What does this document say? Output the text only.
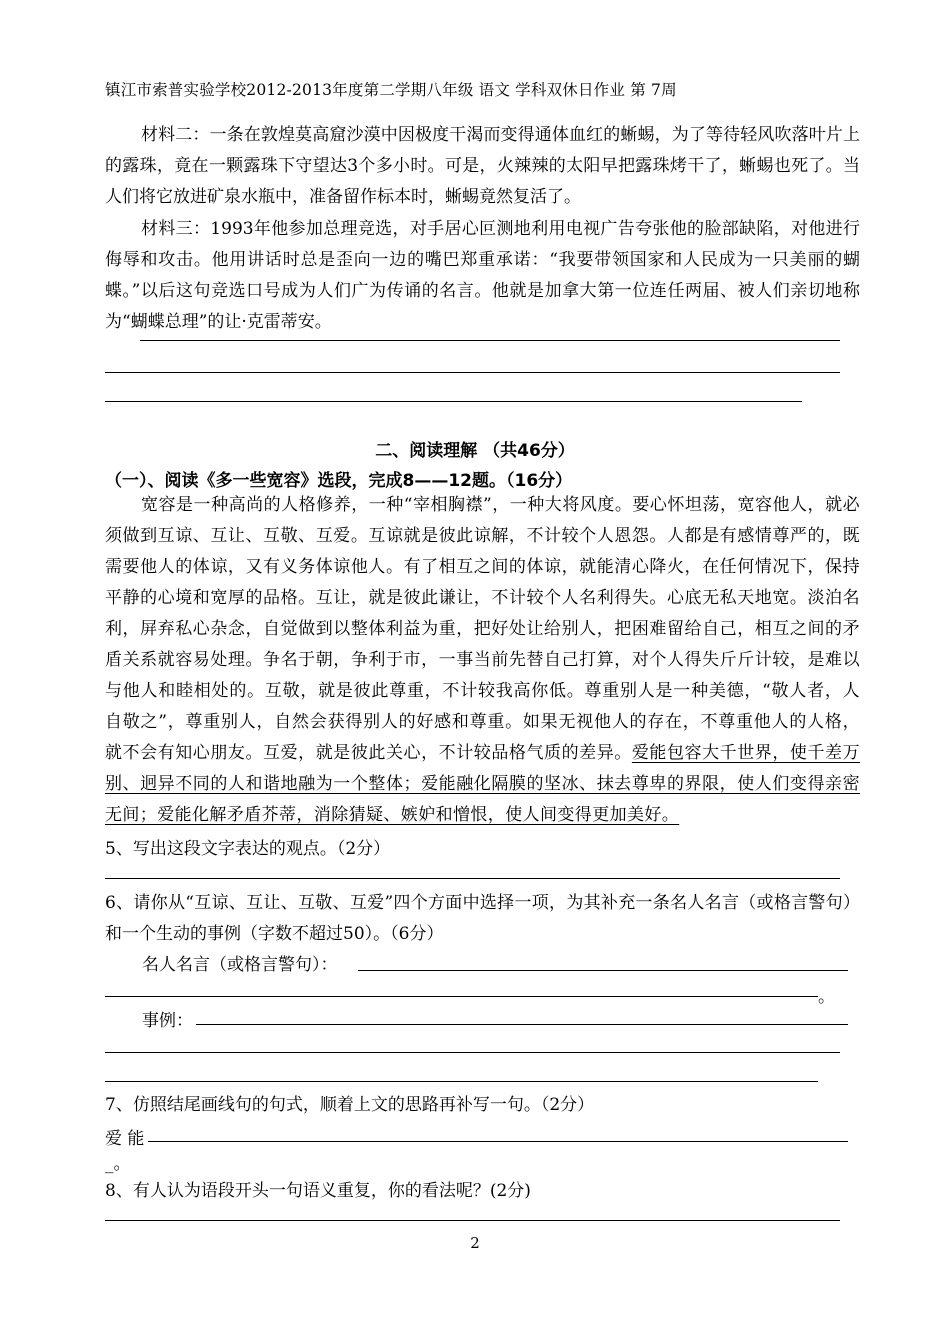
镇江市索普实验学校2012-2013年度第二学期八年级 语文 学科双休日作业 第 7周
材料二：一条在敦煌莫高窟沙漠中因极度干渴而变得通体血红的蜥蜴，为了等待轻风吹落叶片上的露珠，竟在一颗露珠下守望达3个多小时。可是，火辣辣的太阳早把露珠烤干了，蜥蜴也死了。当人们将它放进矿泉水瓶中，准备留作标本时，蜥蜴竟然复活了。
材料三：1993年他参加总理竞选，对手居心叵测地利用电视广告夸张他的脸部缺陷，对他进行侮辱和攻击。他用讲话时总是歪向一边的嘴巴郑重承诺：“我要带领国家和人民成为一只美丽的蝴蝶。”以后这句竞选口号成为人们广为传诵的名言。他就是加拿大第一位连任两届、被人们亲切地称为“蝴蝶总理”的让·克雷蒂安。
二、阅读理解 （共46分）
（一）、阅读《多一些宽容》选段，完成8——12题。（16分）
宽容是一种高尚的人格修养，一种“宰相胸襟”，一种大将风度。要心怀坦荡，宽容他人，就必须做到互谅、互让、互敬、互爱。互谅就是彼此谅解，不计较个人恩怨。人都是有感情尊严的，既需要他人的体谅，又有义务体谅他人。有了相互之间的体谅，就能清心降火，在任何情况下，保持平静的心境和宽厚的品格。互让，就是彼此谦让，不计较个人名利得失。心底无私天地宽。淡泊名利，屏弃私心杂念，自觉做到以整体利益为重，把好处让给别人，把困难留给自己，相互之间的矛盾关系就容易处理。争名于朝，争利于市，一事当前先替自己打算，对个人得失斤斤计较，是难以与他人和睦相处的。互敬，就是彼此尊重，不计较我高你低。尊重别人是一种美德，“敬人者，人自敬之”，尊重别人，自然会获得别人的好感和尊重。如果无视他人的存在，不尊重他人的人格，就不会有知心朋友。互爱，就是彼此关心，不计较品格气质的差异。爱能包容大千世界，使千差万别、迥异不同的人和谐地融为一个整体；爱能融化隔膜的坚冰、抹去尊卑的界限，使人们变得亲密无间；爱能化解矛盾芥蒂，消除猜疑、嫉妒和憎恨，使人间变得更加美好。
5、写出这段文字表达的观点。（2分）
6、请你从“互谅、互让、互敬、互爱”四个方面中选择一项，为其补充一条名人名言（或格言警句）和一个生动的事例（字数不超过50）。（6分）
名人名言（或格言警句）：
。
事例：
7、仿照结尾画线句的句式，顺着上文的思路再补写一句。（2分）
爱 能
_。
8、有人认为语段开头一句语义重复，你的看法呢？(2分)
2
